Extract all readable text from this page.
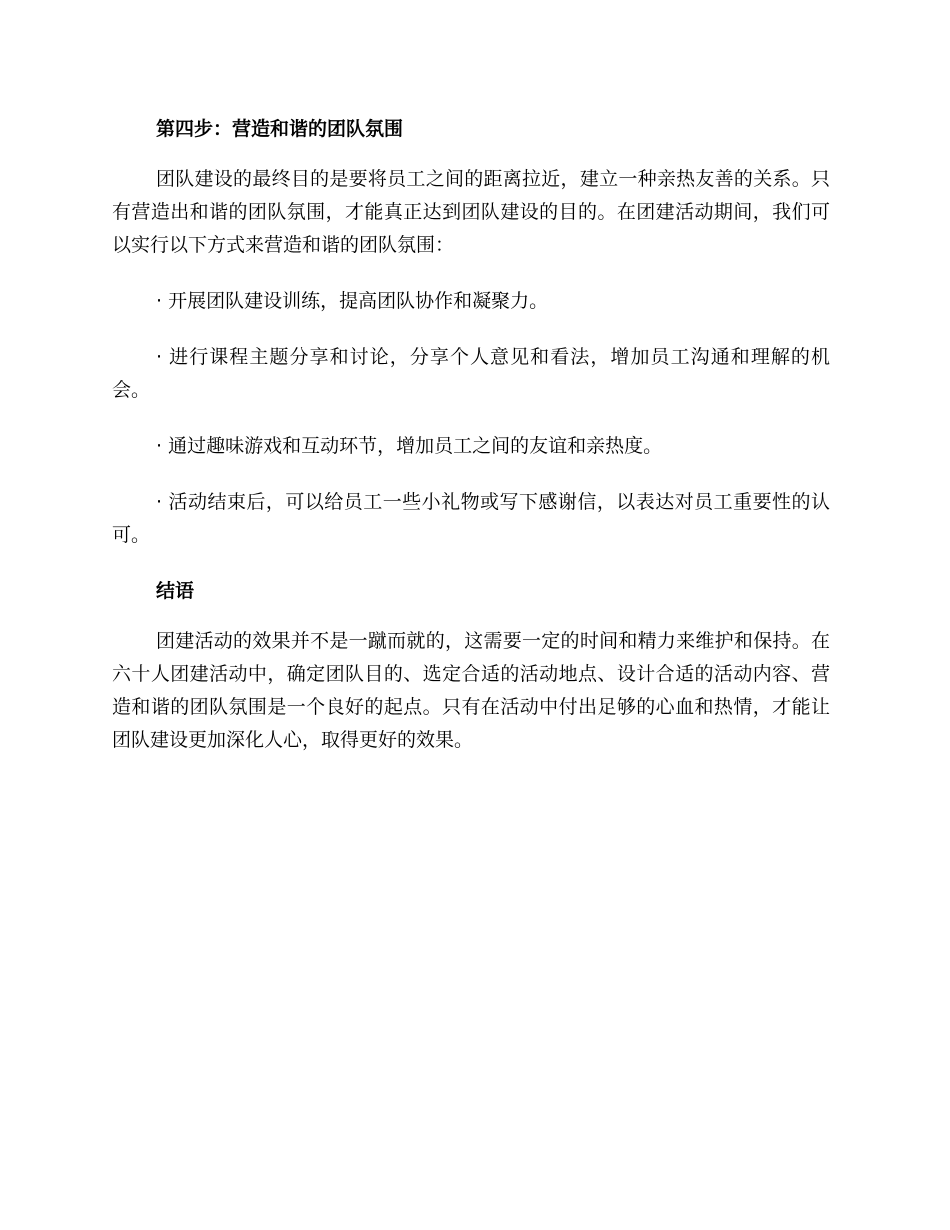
第四步：营造和谐的团队氛围

团队建设的最终目的是要将员工之间的距离拉近，建立一种亲热友善的关系。只有营造出和谐的团队氛围，才能真正达到团队建设的目的。在团建活动期间，我们可以实行以下方式来营造和谐的团队氛围：

· 开展团队建设训练，提高团队协作和凝聚力。

· 进行课程主题分享和讨论，分享个人意见和看法，增加员工沟通和理解的机会。

· 通过趣味游戏和互动环节，增加员工之间的友谊和亲热度。

· 活动结束后，可以给员工一些小礼物或写下感谢信，以表达对员工重要性的认可。

结语

团建活动的效果并不是一蹴而就的，这需要一定的时间和精力来维护和保持。在六十人团建活动中，确定团队目的、选定合适的活动地点、设计合适的活动内容、营造和谐的团队氛围是一个良好的起点。只有在活动中付出足够的心血和热情，才能让团队建设更加深化人心，取得更好的效果。
